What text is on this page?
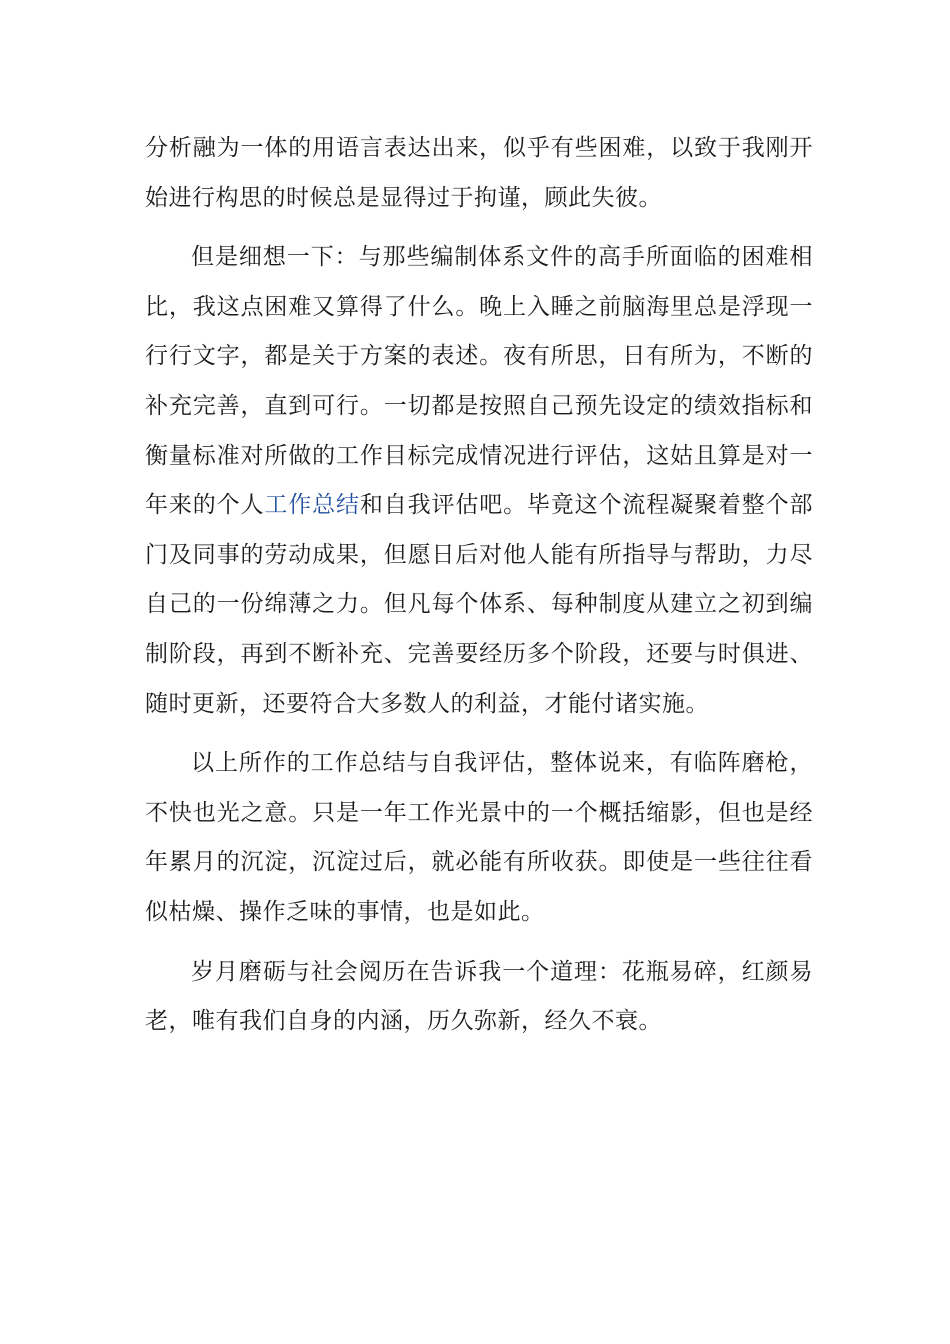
分析融为一体的用语言表达出来，似乎有些困难，以致于我刚开始进行构思的时候总是显得过于拘谨，顾此失彼。

但是细想一下：与那些编制体系文件的高手所面临的困难相比，我这点困难又算得了什么。晚上入睡之前脑海里总是浮现一行行文字，都是关于方案的表述。夜有所思，日有所为，不断的补充完善，直到可行。一切都是按照自己预先设定的绩效指标和衡量标准对所做的工作目标完成情况进行评估，这姑且算是对一年来的个人工作总结和自我评估吧。毕竟这个流程凝聚着整个部门及同事的劳动成果，但愿日后对他人能有所指导与帮助，力尽自己的一份绵薄之力。但凡每个体系、每种制度从建立之初到编制阶段，再到不断补充、完善要经历多个阶段，还要与时俱进、随时更新，还要符合大多数人的利益，才能付诸实施。

以上所作的工作总结与自我评估，整体说来，有临阵磨枪，不快也光之意。只是一年工作光景中的一个概括缩影，但也是经年累月的沉淀，沉淀过后，就必能有所收获。即使是一些往往看似枯燥、操作乏味的事情，也是如此。

岁月磨砺与社会阅历在告诉我一个道理：花瓶易碎，红颜易老，唯有我们自身的内涵，历久弥新，经久不衰。
